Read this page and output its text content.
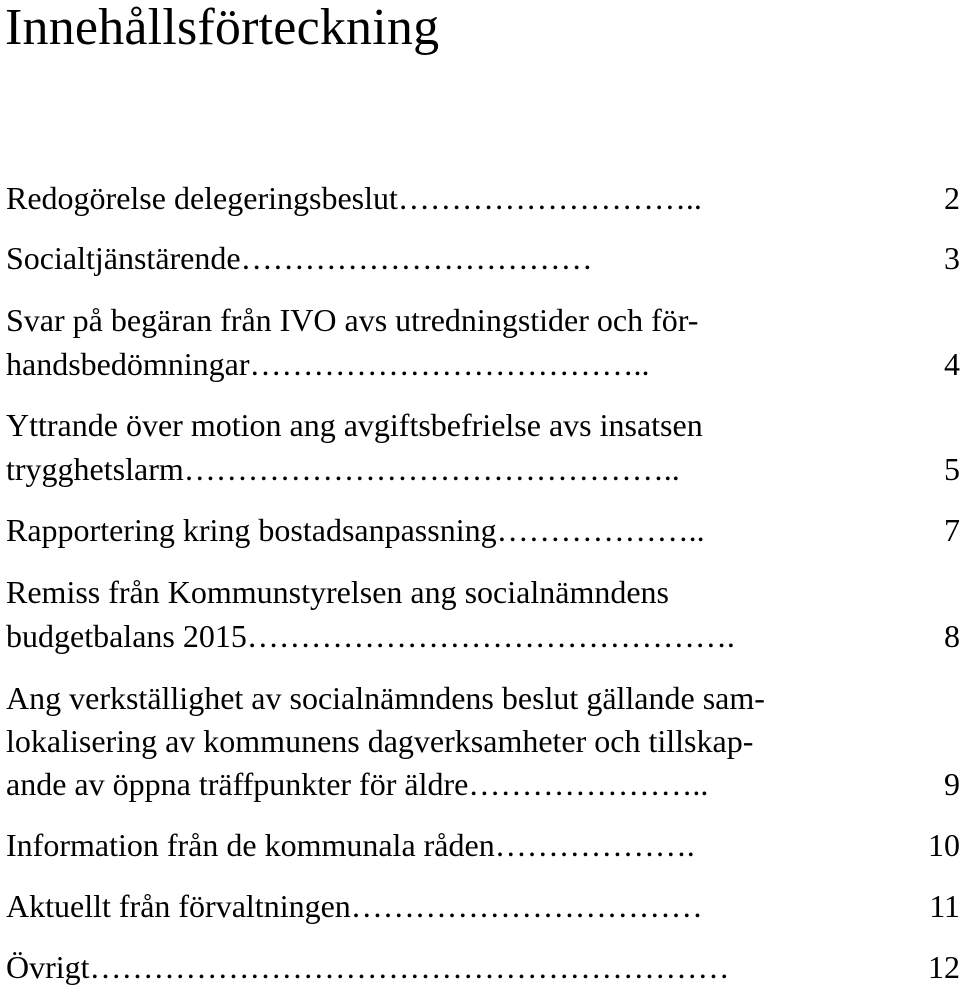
Innehållsförteckning
Redogörelse delegeringsbeslut………………………..	2
Socialtjänstärende……………………………	3
Svar på begäran från IVO avs utredningstider och för-
handsbedömningar………………………………..	4
Yttrande över motion ang avgiftsbefrielse avs insatsen
trygghetslarm………………………………………..	5
Rapportering kring bostadsanpassning………………..	7
Remiss från Kommunstyrelsen ang socialnämndens
budgetbalans 2015……………………………………….	8
Ang verkställighet av socialnämndens beslut gällande sam-
lokalisering av kommunens dagverksamheter och tillskap-
ande av öppna träffpunkter för äldre…………………..	9
Information från de kommunala råden……………….	10
Aktuellt från förvaltningen……………………………	11
Övrigt……………………………………………………	12
